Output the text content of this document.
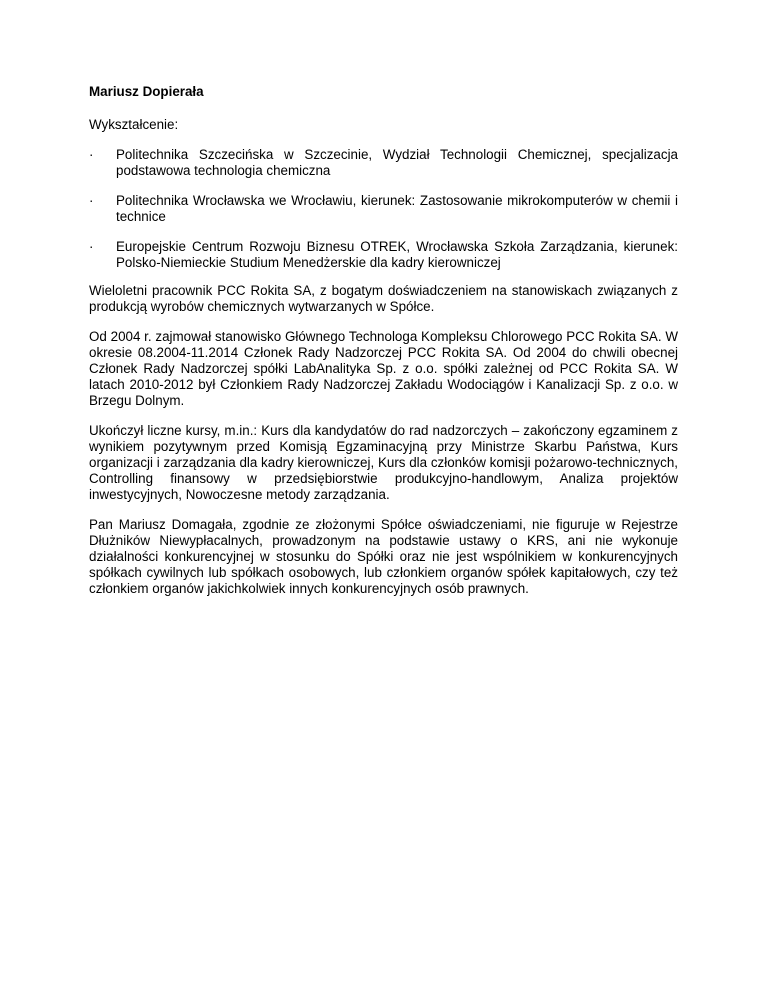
Mariusz Dopierała

Wykształcenie:

·	Politechnika Szczecińska w Szczecinie, Wydział Technologii Chemicznej, specjalizacja podstawowa technologia chemiczna
·	Politechnika Wrocławska we Wrocławiu, kierunek: Zastosowanie mikrokomputerów w chemii i technice
·	Europejskie Centrum Rozwoju Biznesu OTREK, Wrocławska Szkoła Zarządzania, kierunek: Polsko-Niemieckie Studium Menedżerskie dla kadry kierowniczej

Wieloletni pracownik PCC Rokita SA, z bogatym doświadczeniem na stanowiskach związanych z produkcją wyrobów chemicznych wytwarzanych w Spółce.

Od 2004 r. zajmował stanowisko Głównego Technologa Kompleksu Chlorowego PCC Rokita SA. W okresie 08.2004-11.2014 Członek Rady Nadzorczej PCC Rokita SA. Od 2004 do chwili obecnej Członek Rady Nadzorczej spółki LabAnalityka Sp. z o.o. spółki zależnej od PCC Rokita SA. W latach 2010-2012 był Członkiem Rady Nadzorczej Zakładu Wodociągów i Kanalizacji Sp. z o.o. w Brzegu Dolnym.

Ukończył liczne kursy, m.in.: Kurs dla kandydatów do rad nadzorczych – zakończony egzaminem z wynikiem pozytywnym przed Komisją Egzaminacyjną przy Ministrze Skarbu Państwa, Kurs organizacji i zarządzania dla kadry kierowniczej, Kurs dla członków komisji pożarowo-technicznych, Controlling finansowy w przedsiębiorstwie produkcyjno-handlowym, Analiza projektów inwestycyjnych, Nowoczesne metody zarządzania.

Pan Mariusz Domagała, zgodnie ze złożonymi Spółce oświadczeniami, nie figuruje w Rejestrze Dłużników Niewypłacalnych, prowadzonym na podstawie ustawy o KRS, ani nie wykonuje działalności konkurencyjnej w stosunku do Spółki oraz nie jest wspólnikiem w konkurencyjnych spółkach cywilnych lub spółkach osobowych, lub członkiem organów spółek kapitałowych, czy też członkiem organów jakichkolwiek innych konkurencyjnych osób prawnych.
